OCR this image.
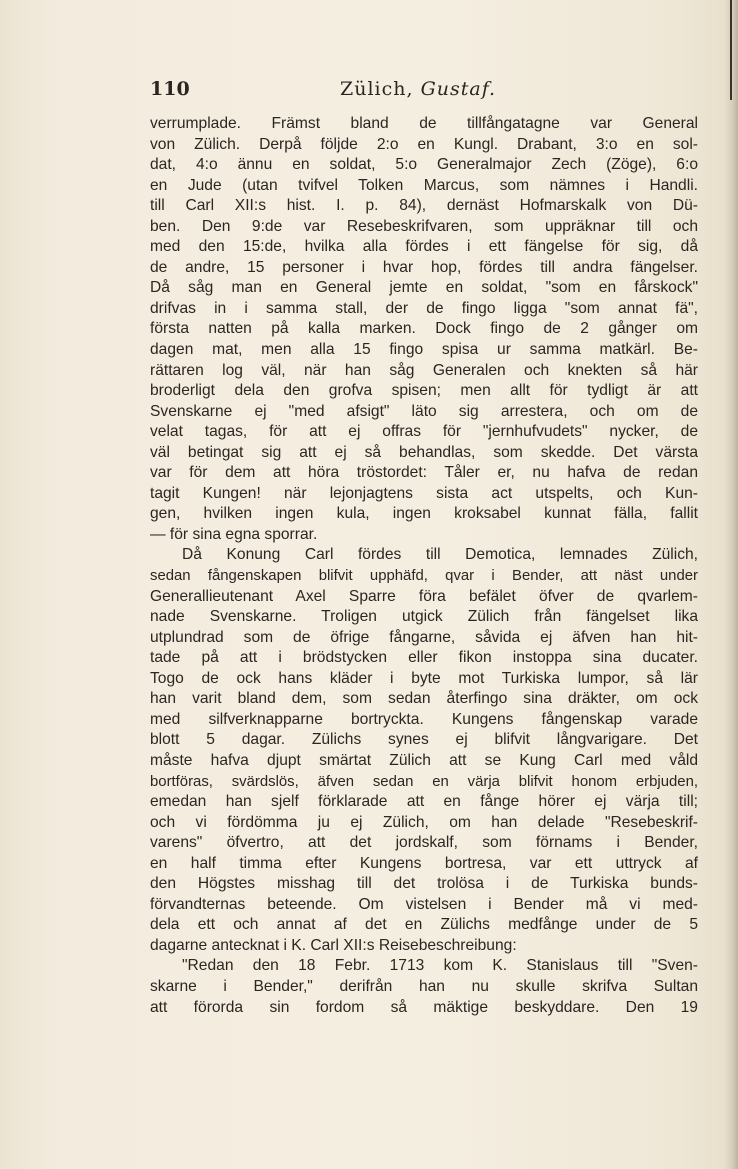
110	Zülich, Gustaf.
verrumplade. Främst bland de tillfångatagne var General
von Zülich. Derpå följde 2:o en Kungl. Drabant, 3:o en sol-
dat, 4:o ännu en soldat, 5:o Generalmajor Zech (Zöge), 6:o
en Jude (utan tvifvel Tolken Marcus, som nämnes i Handli.
till Carl XII:s hist. I. p. 84), dernäst Hofmarskalk von Dü-
ben. Den 9:de var Resebeskrifvaren, som uppräknar till och
med den 15:de, hvilka alla fördes i ett fängelse för sig, då
de andre, 15 personer i hvar hop, fördes till andra fängelser.
Då såg man en General jemte en soldat, "som en fårskock"
drifvas in i samma stall, der de fingo ligga "som annat fä",
första natten på kalla marken. Dock fingo de 2 gånger om
dagen mat, men alla 15 fingo spisa ur samma matkärl. Be-
rättaren log väl, när han såg Generalen och knekten så här
broderligt dela den grofva spisen; men allt för tydligt är att
Svenskarne ej "med afsigt" läto sig arrestera, och om de
velat tagas, för att ej offras för "jernhufvudets" nycker, de
väl betingat sig att ej så behandlas, som skedde. Det värsta
var för dem att höra tröstordet: Tåler er, nu hafva de redan
tagit Kungen! när lejonjagtens sista act utspelts, och Kun-
gen, hvilken ingen kula, ingen kroksabel kunnat fälla, fallit
— för sina egna sporrar.
Då Konung Carl fördes till Demotica, lemnades Zülich,
sedan fångenskapen blifvit upphäfd, qvar i Bender, att näst under
Generallieutenant Axel Sparre föra befälet öfver de qvarlem-
nade Svenskarne. Troligen utgick Zülich från fängelset lika
utplundrad som de öfrige fångarne, såvida ej äfven han hit-
tade på att i brödstycken eller fikon instoppa sina ducater.
Togo de ock hans kläder i byte mot Turkiska lumpor, så lär
han varit bland dem, som sedan återfingo sina dräkter, om ock
med silfverknapparne bortryckta. Kungens fångenskap varade
blott 5 dagar. Zülichs synes ej blifvit långvarigare. Det
måste hafva djupt smärtat Zülich att se Kung Carl med våld
bortföras, svärdslös, äfven sedan en värja blifvit honom erbjuden,
emedan han sjelf förklarade att en fånge hörer ej värja till;
och vi fördömma ju ej Zülich, om han delade "Resebeskrif-
varens" öfvertro, att det jordskalf, som förnams i Bender,
en half timma efter Kungens bortresa, var ett uttryck af
den Högstes misshag till det trolösa i de Turkiska bunds-
förvandternas beteende. Om vistelsen i Bender må vi med-
dela ett och annat af det en Zülichs medfånge under de 5
dagarne antecknat i K. Carl XII:s Reisebeschreibung:
"Redan den 18 Febr. 1713 kom K. Stanislaus till "Sven-
skarne i Bender," derifrån han nu skulle skrifva Sultan
att förorda sin fordom så mäktige beskyddare. Den 19
